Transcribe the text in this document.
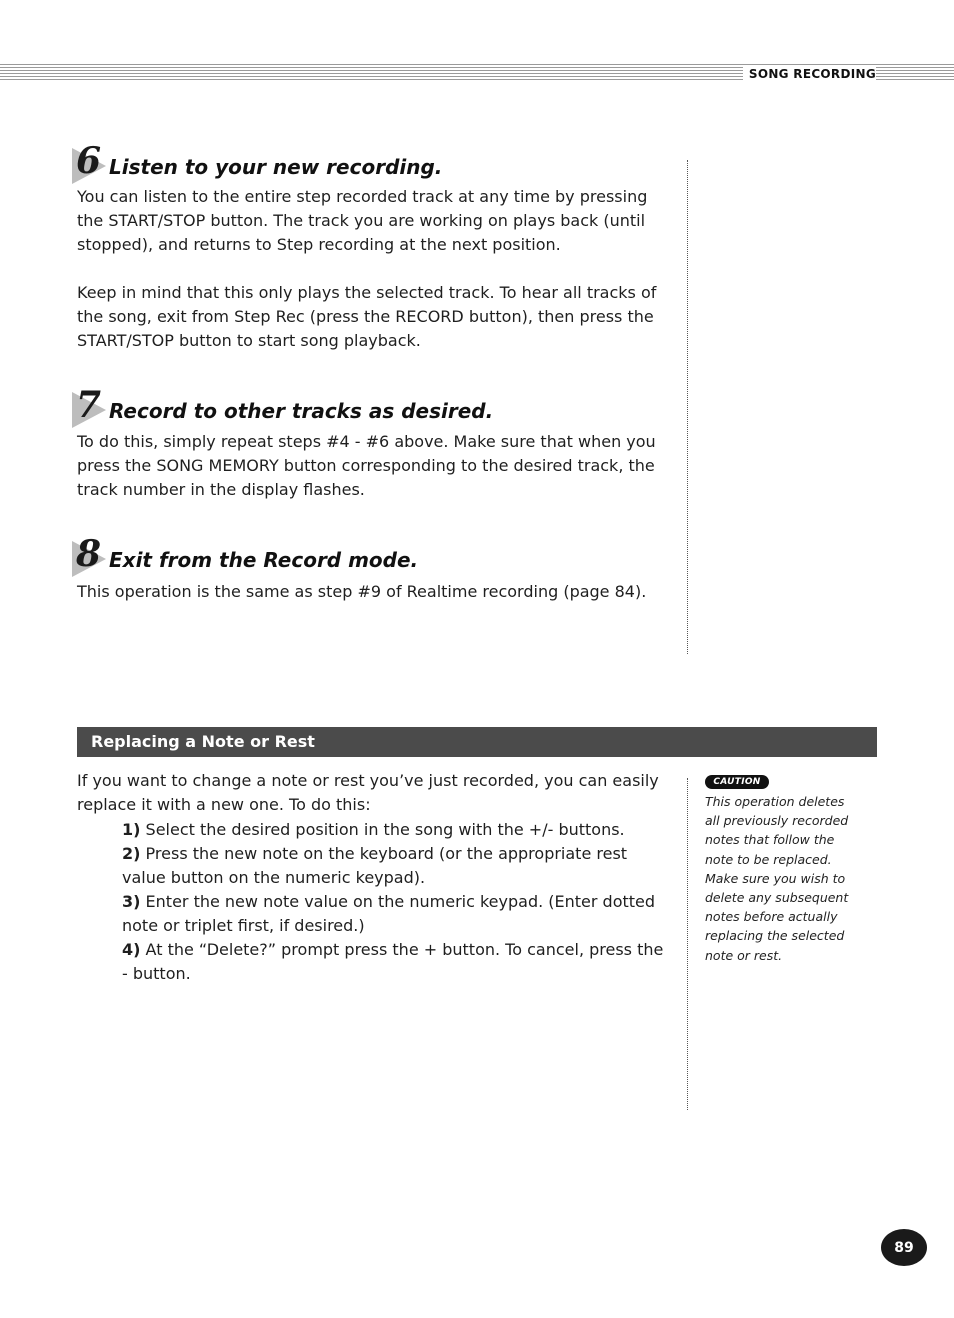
SONG RECORDING
6 Listen to your new recording.

You can listen to the entire step recorded track at any time by pressing the START/STOP button. The track you are working on plays back (until stopped), and returns to Step recording at the next position.

Keep in mind that this only plays the selected track. To hear all tracks of the song, exit from Step Rec (press the RECORD button), then press the START/STOP button to start song playback.

7 Record to other tracks as desired.

To do this, simply repeat steps #4 - #6 above. Make sure that when you press the SONG MEMORY button corresponding to the desired track, the track number in the display flashes.

8 Exit from the Record mode.

This operation is the same as step #9 of Realtime recording (page 84).

Replacing a Note or Rest

If you want to change a note or rest you’ve just recorded, you can easily replace it with a new one. To do this:

1) Select the desired position in the song with the +/- buttons.

2) Press the new note on the keyboard (or the appropriate rest value button on the numeric keypad).

3) Enter the new note value on the numeric keypad. (Enter dotted note or triplet first, if desired.)

4) At the “Delete?” prompt press the + button. To cancel, press the - button.

CAUTION
This operation deletes all previously recorded notes that follow the note to be replaced. Make sure you wish to delete any subsequent notes before actually replacing the selected note or rest.
89
